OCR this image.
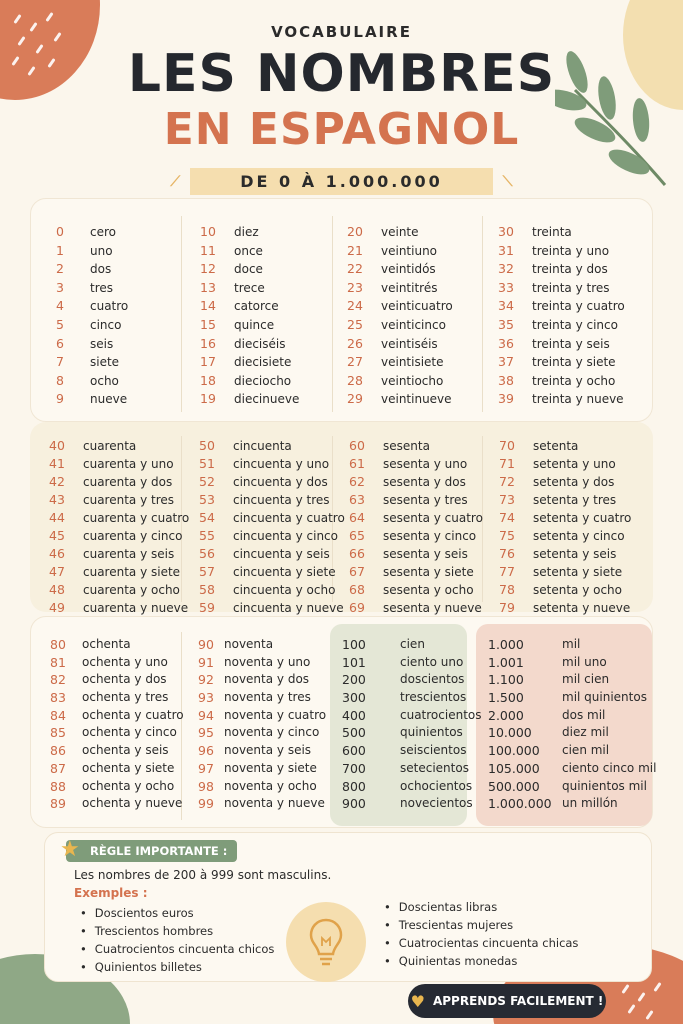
VOCABULAIRE
LES NOMBRES
EN ESPAGNOL
⟋	DE 0 À 1.000.000	⟍
0	cero
1	uno
2	dos
3	tres
4	cuatro
5	cinco
6	seis
7	siete
8	ocho
9	nueve
10	diez
11	once
12	doce
13	trece
14	catorce
15	quince
16	dieciséis
17	diecisiete
18	dieciocho
19	diecinueve
20	veinte
21	veintiuno
22	veintidós
23	veintitrés
24	veinticuatro
25	veinticinco
26	veintiséis
27	veintisiete
28	veintiocho
29	veintinueve
30	treinta
31	treinta y uno
32	treinta y dos
33	treinta y tres
34	treinta y cuatro
35	treinta y cinco
36	treinta y seis
37	treinta y siete
38	treinta y ocho
39	treinta y nueve
40	cuarenta
41	cuarenta y uno
42	cuarenta y dos
43	cuarenta y tres
44	cuarenta y cuatro
45	cuarenta y cinco
46	cuarenta y seis
47	cuarenta y siete
48	cuarenta y ocho
49	cuarenta y nueve
50	cincuenta
51	cincuenta y uno
52	cincuenta y dos
53	cincuenta y tres
54	cincuenta y cuatro
55	cincuenta y cinco
56	cincuenta y seis
57	cincuenta y siete
58	cincuenta y ocho
59	cincuenta y nueve
60	sesenta
61	sesenta y uno
62	sesenta y dos
63	sesenta y tres
64	sesenta y cuatro
65	sesenta y cinco
66	sesenta y seis
67	sesenta y siete
68	sesenta y ocho
69	sesenta y nueve
70	setenta
71	setenta y uno
72	setenta y dos
73	setenta y tres
74	setenta y cuatro
75	setenta y cinco
76	setenta y seis
77	setenta y siete
78	setenta y ocho
79	setenta y nueve
80	ochenta
81	ochenta y uno
82	ochenta y dos
83	ochenta y tres
84	ochenta y cuatro
85	ochenta y cinco
86	ochenta y seis
87	ochenta y siete
88	ochenta y ocho
89	ochenta y nueve
90 noventa
91 noventa y uno
92 noventa y dos
93 noventa y tres
94 noventa y cuatro
95 noventa y cinco
96 noventa y seis
97 noventa y siete
98 noventa y ocho
99 noventa y nueve
100	cien
101	ciento uno
200	doscientos
300	trescientos
400	cuatrocientos
500	quinientos
600	seiscientos
700	setecientos
800	ochocientos
900	novecientos
1.000	mil
1.001	mil uno
1.100	mil cien
1.500	mil quinientos
2.000	dos mil
10.000	diez mil
100.000	cien mil
105.000	ciento cinco mil
500.000	quinientos mil
1.000.000 un millón
RÈGLE IMPORTANTE :
★
Les nombres de 200 à 999 sont masculins.
Exemples :
• Doscientos euros
• Trescientos hombres
• Cuatrocientos cincuenta chicos
• Quinientos billetes
• Doscientas libras
• Trescientas mujeres
• Cuatrocientas cincuenta chicas
• Quinientas monedas
♥ APPRENDS FACILEMENT !
